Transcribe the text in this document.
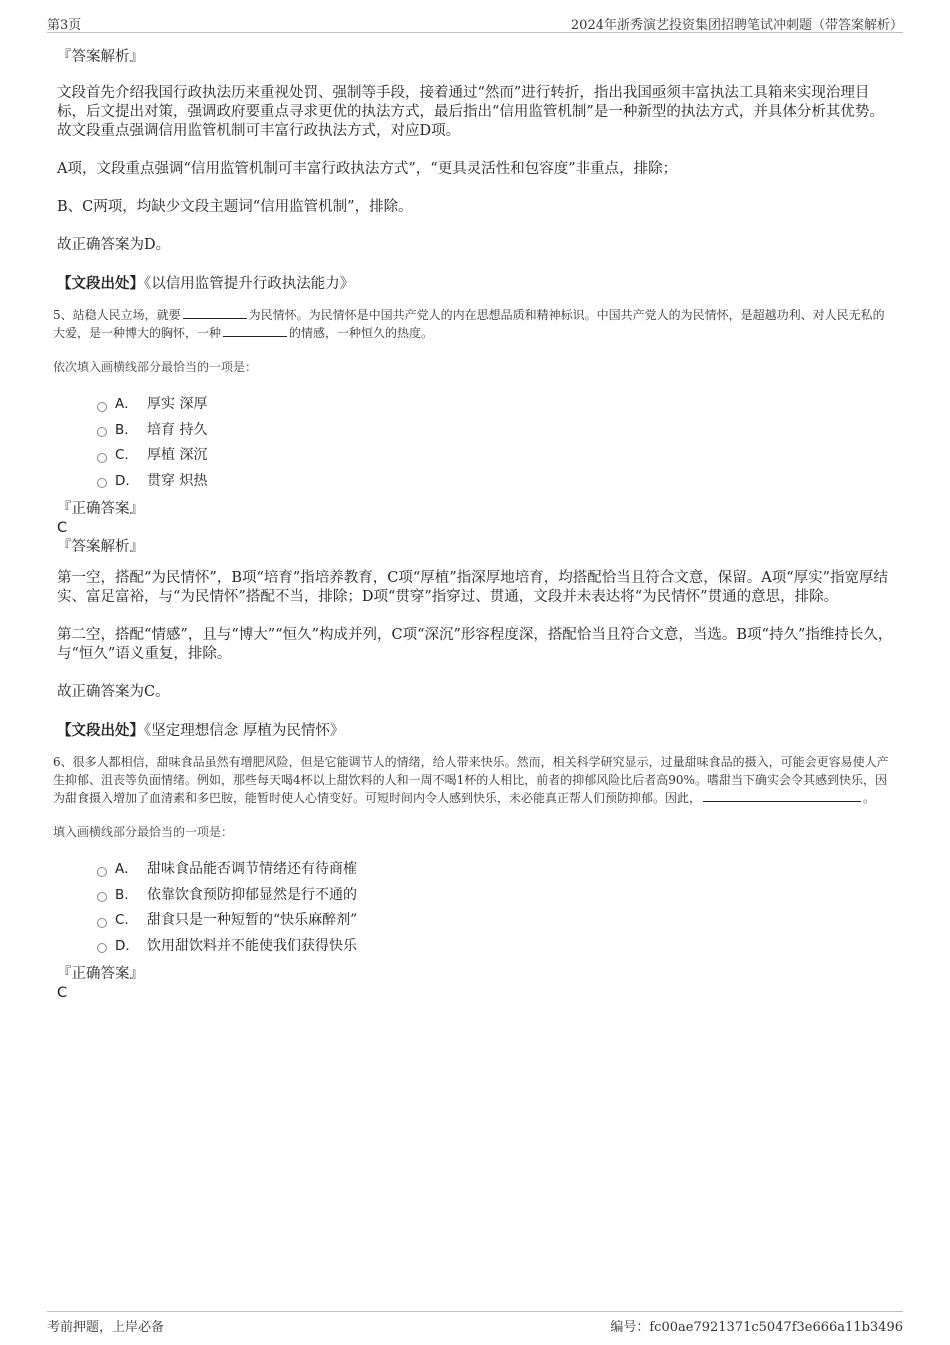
第3页	2024年浙秀演艺投资集团招聘笔试冲刺题（带答案解析）

『答案解析』

文段首先介绍我国行政执法历来重视处罚、强制等手段，接着通过“然而”进行转折，指出我国亟须丰富执法工具箱来实现治理目标，后文提出对策，强调政府要重点寻求更优的执法方式，最后指出“信用监管机制”是一种新型的执法方式，并具体分析其优势。故文段重点强调信用监管机制可丰富行政执法方式，对应D项。

A项，文段重点强调“信用监管机制可丰富行政执法方式”，“更具灵活性和包容度”非重点，排除；

B、C两项，均缺少文段主题词“信用监管机制”，排除。

故正确答案为D。

【文段出处】《以信用监管提升行政执法能力》

5、站稳人民立场，就要	为民情怀。为民情怀是中国共产党人的内在思想品质和精神标识。中国共产党人的为民情怀，是超越功利、对人民无私的大爱，是一种博大的胸怀，一种	的情感，一种恒久的热度。

依次填入画横线部分最恰当的一项是：

A． 厚实 深厚
B.	培育 持久
C.	厚植 深沉
D.	贯穿 炽热

『正确答案』

C

『答案解析』

第一空，搭配“为民情怀”，B项“培育”指培养教育，C项“厚植”指深厚地培育，均搭配恰当且符合文意，保留。A项“厚实”指宽厚结实、富足富裕，与“为民情怀”搭配不当，排除；D项“贯穿”指穿过、贯通，文段并未表达将“为民情怀”贯通的意思，排除。

第二空，搭配“情感”，且与“博大”“恒久”构成并列，C项“深沉”形容程度深，搭配恰当且符合文意，当选。B项“持久”指维持长久，与“恒久”语义重复，排除。

故正确答案为C。

【文段出处】《坚定理想信念 厚植为民情怀》

6、很多人都相信，甜味食品虽然有增肥风险，但是它能调节人的情绪，给人带来快乐。然而，相关科学研究显示，过量甜味食品的摄入，可能会更容易使人产生抑郁、沮丧等负面情绪。例如，那些每天喝4杯以上甜饮料的人和一周不喝1杯的人相比，前者的抑郁风险比后者高90%。嗜甜当下确实会令其感到快乐，因为甜食摄入增加了血清素和多巴胺，能暂时使人心情变好。可短时间内令人感到快乐，未必能真正帮人们预防抑郁。因此，	。

填入画横线部分最恰当的一项是：

A． 甜味食品能否调节情绪还有待商榷
B.	依靠饮食预防抑郁显然是行不通的
C.	甜食只是一种短暂的“快乐麻醉剂”
D.	饮用甜饮料并不能使我们获得快乐

『正确答案』

C

考前押题，上岸必备	编号：fc00ae7921371c5047f3e666a11b3496
